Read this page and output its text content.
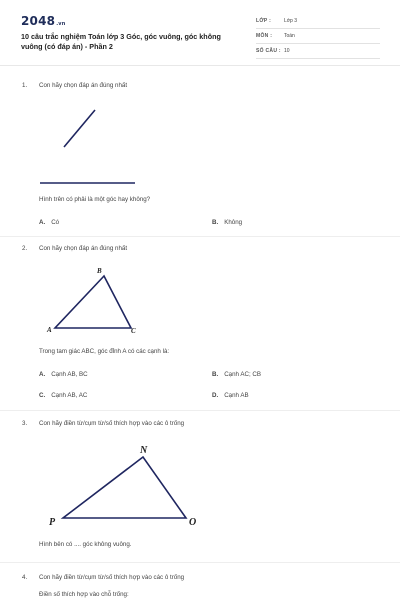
2048.vn
10 câu trắc nghiệm Toán lớp 3 Góc, góc vuông, góc không vuông (có đáp án) - Phần 2
LỚP :	Lớp 3
MÔN : Toán
SỐ CÂU : 10
1. Con hãy chọn đáp án đúng nhất
Hình trên có phải là một góc hay không?
A. Có	B. Không
2. Con hãy chọn đáp án đúng nhất
B
A	C
Trong tam giác ABC, góc đỉnh A có các cạnh là:
A. Cạnh AB, BC	B. Cạnh AC; CB
C. Cạnh AB, AC	D. Cạnh AB
3. Con hãy điền từ/cụm từ/số thích hợp vào các ô trống
N
P	O
Hình bên có .... góc không vuông.
4. Con hãy điền từ/cụm từ/số thích hợp vào các ô trống
Điền số thích hợp vào chỗ trống:
